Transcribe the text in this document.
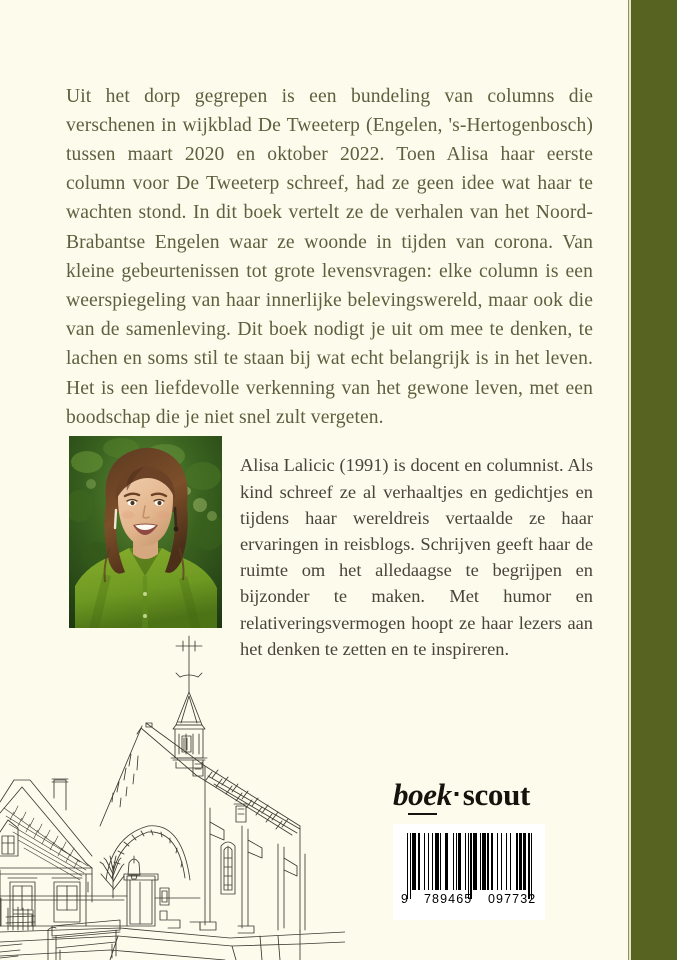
Uit het dorp gegrepen is een bundeling van columns die verschenen in wijkblad De Tweeterp (Engelen, 's-Hertogenbosch) tussen maart 2020 en oktober 2022. Toen Alisa haar eerste column voor De Tweeterp schreef, had ze geen idee wat haar te wachten stond. In dit boek vertelt ze de verhalen van het Noord-Brabantse Engelen waar ze woonde in tijden van corona. Van kleine gebeurtenissen tot grote levensvragen: elke column is een weerspiegeling van haar innerlijke belevingswereld, maar ook die van de samenleving. Dit boek nodigt je uit om mee te denken, te lachen en soms stil te staan bij wat echt belangrijk is in het leven. Het is een liefdevolle verkenning van het gewone leven, met een boodschap die je niet snel zult vergeten.

Alisa Lalicic (1991) is docent en columnist. Als kind schreef ze al verhaaltjes en gedichtjes en tijdens haar wereldreis vertaalde ze haar ervaringen in reisblogs. Schrijven geeft haar de ruimte om het alledaagse te begrijpen en bijzonder te maken. Met humor en relativeringsvermogen hoopt ze haar lezers aan het denken te zetten en te inspireren.

boek·scout
9 789465 097732
